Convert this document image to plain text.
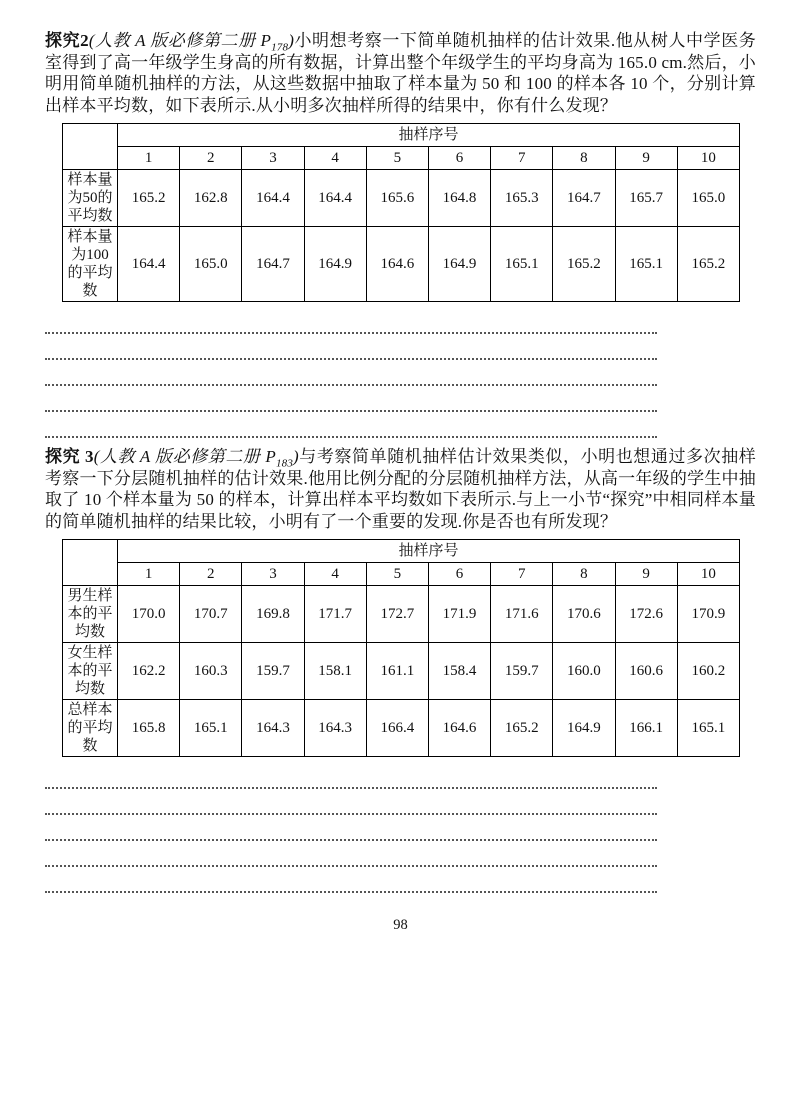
探究2(人教 A 版必修第二册 $P_{178}$)小明想考察一下简单随机抽样的估计效果.他从树人中学医务室得到了高一年级学生身高的所有数据，计算出整个年级学生的平均身高为 165.0 cm.然后，小明用简单随机抽样的方法，从这些数据中抽取了样本量为 50 和 100 的样本各 10 个，分别计算出样本平均数，如下表所示.从小明多次抽样所得的结果中，你有什么发现？

	抽样序号									
	1	2	3	4	5	6	7	8	9	10
样本量为50的平均数	165.2	162.8	164.4	164.4	165.6	164.8	165.3	164.7	165.7	165.0
样本量为100的平均数	164.4	165.0	164.7	164.9	164.6	164.9	165.1	165.2	165.1	165.2

探究 3(人教 A 版必修第二册 $P_{183}$)与考察简单随机抽样估计效果类似，小明也想通过多次抽样考察一下分层随机抽样的估计效果.他用比例分配的分层随机抽样方法，从高一年级的学生中抽取了 10 个样本量为 50 的样本，计算出样本平均数如下表所示.与上一小节“探究”中相同样本量的简单随机抽样的结果比较，小明有了一个重要的发现.你是否也有所发现？

	抽样序号									
	1	2	3	4	5	6	7	8	9	10
男生样本的平均数	170.0	170.7	169.8	171.7	172.7	171.9	171.6	170.6	172.6	170.9
女生样本的平均数	162.2	160.3	159.7	158.1	161.1	158.4	159.7	160.0	160.6	160.2
总样本的平均数	165.8	165.1	164.3	164.3	166.4	164.6	165.2	164.9	166.1	165.1
98
